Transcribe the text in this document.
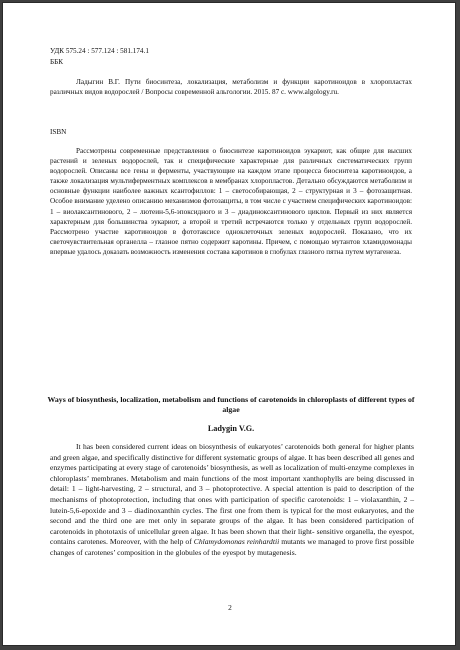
УДК 575.24 : 577.124 : 581.174.1
ББК
Ладыгин В.Г. Пути биосинтеза, локализация, метаболизм и функции каротиноидов в хлоропластах различных видов водорослей / Вопросы современной альгологии. 2015. 87 с. www.algology.ru.
ISBN
Рассмотрены современные представления о биосинтезе каротиноидов эукариот, как общие для высших растений и зеленых водорослей, так и специфические характерные для различных систематических групп водорослей. Описаны все гены и ферменты, участвующие на каждом этапе процесса биосинтеза каротиноидов, а также локализация мультиферментных комплексов в мембранах хлоропластов. Детально обсуждаются метаболизм и основные функции наиболее важных ксантофиллов: 1 – светособирающая, 2 – структурная и 3 – фотозащитная. Особое внимание уделено описанию механизмов фотозащиты, в том числе с участием специфических каротиноидов: 1 – виолаксантинового, 2 – лютеин-5,6-эпоксидного и 3 – диадиноксантинового циклов. Первый из них является характерным для большинства эукариот, а второй и третий встречаются только у отдельных групп водорослей. Рассмотрено участие каротиноидов в фототаксисе одноклеточных зеленых водорослей. Показано, что их светочувствительная органелла – глазное пятно содержит каротины. Причем, с помощью мутантов хламидомонады впервые удалось доказать возможность изменения состава каротинов в глобулах глазного пятна путем мутагенеза.
Ways of biosynthesis, localization, metabolism and functions of carotenoids in chloroplasts of different types of algae
Ladygin V.G.
It has been considered current ideas on biosynthesis of eukaryotes’ carotenoids both general for higher plants and green algae, and specifically distinctive for different systematic groups of algae. It has been described all genes and enzymes participating at every stage of carotenoids’ biosynthesis, as well as localization of multi-enzyme complexes in chloroplasts’ membranes. Metabolism and main functions of the most important xanthophylls are being discussed in detail: 1 – light-harvesting, 2 – structural, and 3 – photoprotective. A special attention is paid to description of the mechanisms of photoprotection, including that ones with participation of specific carotenoids: 1 – violaxanthin, 2 – lutein-5,6-epoxide and 3 – diadinoxanthin cycles. The first one from them is typical for the most eukaryotes, and the second and the third one are met only in separate groups of the algae. It has been considered participation of carotenoids in phototaxis of unicellular green algae. It has been shown that their light- sensitive organella, the eyespot, contains carotenes. Moreover, with the help of Chlamydomonas reinhardtii mutants we managed to prove first possible changes of carotenes’ composition in the globules of the eyespot by mutagenesis.
2
